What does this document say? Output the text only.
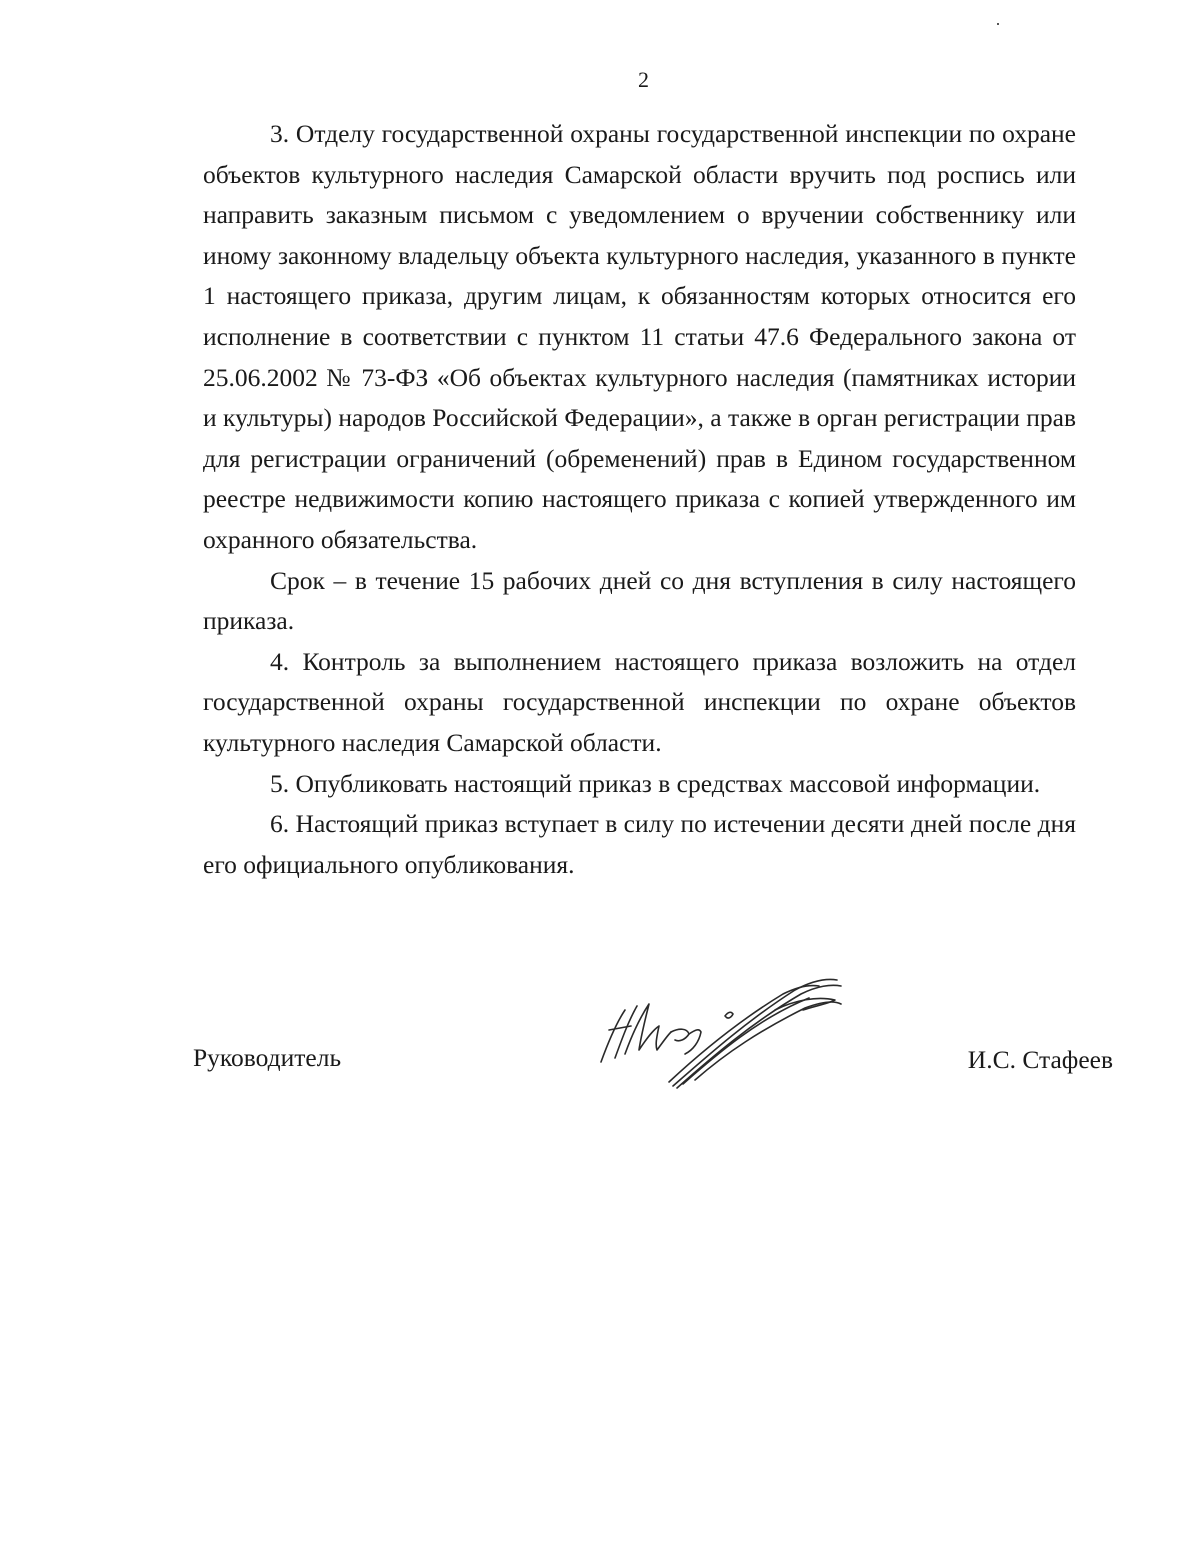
2

3. Отделу государственной охраны государственной инспекции по охране объектов культурного наследия Самарской области вручить под роспись или направить заказным письмом с уведомлением о вручении собственнику или иному законному владельцу объекта культурного наследия, указанного в пункте 1 настоящего приказа, другим лицам, к обязанностям которых относится его исполнение в соответствии с пунктом 11 статьи 47.6 Федерального закона от 25.06.2002 № 73-ФЗ «Об объектах культурного наследия (памятниках истории и культуры) народов Российской Федерации», а также в орган регистрации прав для регистрации ограничений (обременений) прав в Едином государственном реестре недвижимости копию настоящего приказа с копией утвержденного им охранного обязательства.

Срок – в течение 15 рабочих дней со дня вступления в силу настоящего приказа.

4. Контроль за выполнением настоящего приказа возложить на отдел государственной охраны государственной инспекции по охране объектов культурного наследия Самарской области.

5. Опубликовать настоящий приказ в средствах массовой информации.

6. Настоящий приказ вступает в силу по истечении десяти дней после дня его официального опубликования.

Руководитель	И.С. Стафеев
